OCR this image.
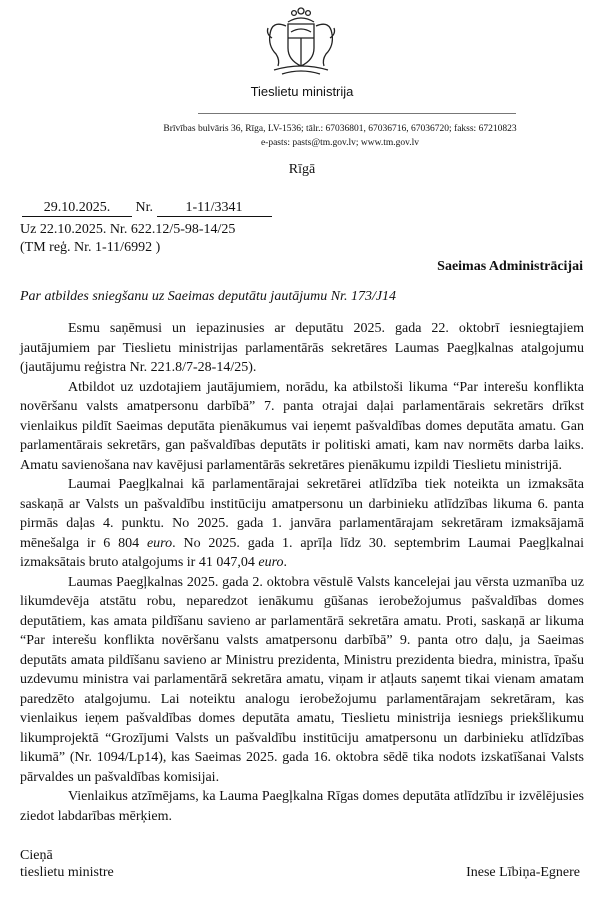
Tieslietu ministrija
Brīvības bulvāris 36, Rīga, LV-1536; tālr.: 67036801, 67036716, 67036720; fakss: 67210823
e-pasts: pasts@tm.gov.lv; www.tm.gov.lv
Rīgā
29.10.2025. Nr. 1-11/3341
Uz 22.10.2025. Nr. 622.12/5-98-14/25
(TM reģ. Nr. 1-11/6992 )
Saeimas Administrācijai
Par atbildes sniegšanu uz Saeimas deputātu jautājumu Nr. 173/J14

Esmu saņēmusi un iepazinusies ar deputātu 2025. gada 22. oktobrī iesniegtajiem jautājumiem par Tieslietu ministrijas parlamentārās sekretāres Laumas Paegļkalnas atalgojumu (jautājumu reģistra Nr. 221.8/7-28-14/25).

Atbildot uz uzdotajiem jautājumiem, norādu, ka atbilstoši likuma “Par interešu konflikta novēršanu valsts amatpersonu darbībā” 7. panta otrajai daļai parlamentārais sekretārs drīkst vienlaikus pildīt Saeimas deputāta pienākumus vai ieņemt pašvaldības domes deputāta amatu. Gan parlamentārais sekretārs, gan pašvaldības deputāts ir politiski amati, kam nav normēts darba laiks. Amatu savienošana nav kavējusi parlamentārās sekretāres pienākumu izpildi Tieslietu ministrijā.

Laumai Paegļkalnai kā parlamentārajai sekretārei atlīdzība tiek noteikta un izmaksāta saskaņā ar Valsts un pašvaldību institūciju amatpersonu un darbinieku atlīdzības likuma 6. panta pirmās daļas 4. punktu. No 2025. gada 1. janvāra parlamentārajam sekretāram izmaksājamā mēnešalga ir 6 804 euro. No 2025. gada 1. aprīļa līdz 30. septembrim Laumai Paegļkalnai izmaksātais bruto atalgojums ir 41 047,04 euro.

Laumas Paegļkalnas 2025. gada 2. oktobra vēstulē Valsts kancelejai jau vērsta uzmanība uz likumdevēja atstātu robu, neparedzot ienākumu gūšanas ierobežojumus pašvaldības domes deputātiem, kas amata pildīšanu savieno ar parlamentārā sekretāra amatu. Proti, saskaņā ar likuma “Par interešu konflikta novēršanu valsts amatpersonu darbībā” 9. panta otro daļu, ja Saeimas deputāts amata pildīšanu savieno ar Ministru prezidenta, Ministru prezidenta biedra, ministra, īpašu uzdevumu ministra vai parlamentārā sekretāra amatu, viņam ir atļauts saņemt tikai vienam amatam paredzēto atalgojumu. Lai noteiktu analogu ierobežojumu parlamentārajam sekretāram, kas vienlaikus ieņem pašvaldības domes deputāta amatu, Tieslietu ministrija iesniegs priekšlikumu likumprojektā “Grozījumi Valsts un pašvaldību institūciju amatpersonu un darbinieku atlīdzības likumā” (Nr. 1094/Lp14), kas Saeimas 2025. gada 16. oktobra sēdē tika nodots izskatīšanai Valsts pārvaldes un pašvaldības komisijai.

Vienlaikus atzīmējams, ka Lauma Paegļkalna Rīgas domes deputāta atlīdzību ir izvēlējusies ziedot labdarības mērķiem.

Cieņā
tieslietu ministre	Inese Lībiņa-Egnere
